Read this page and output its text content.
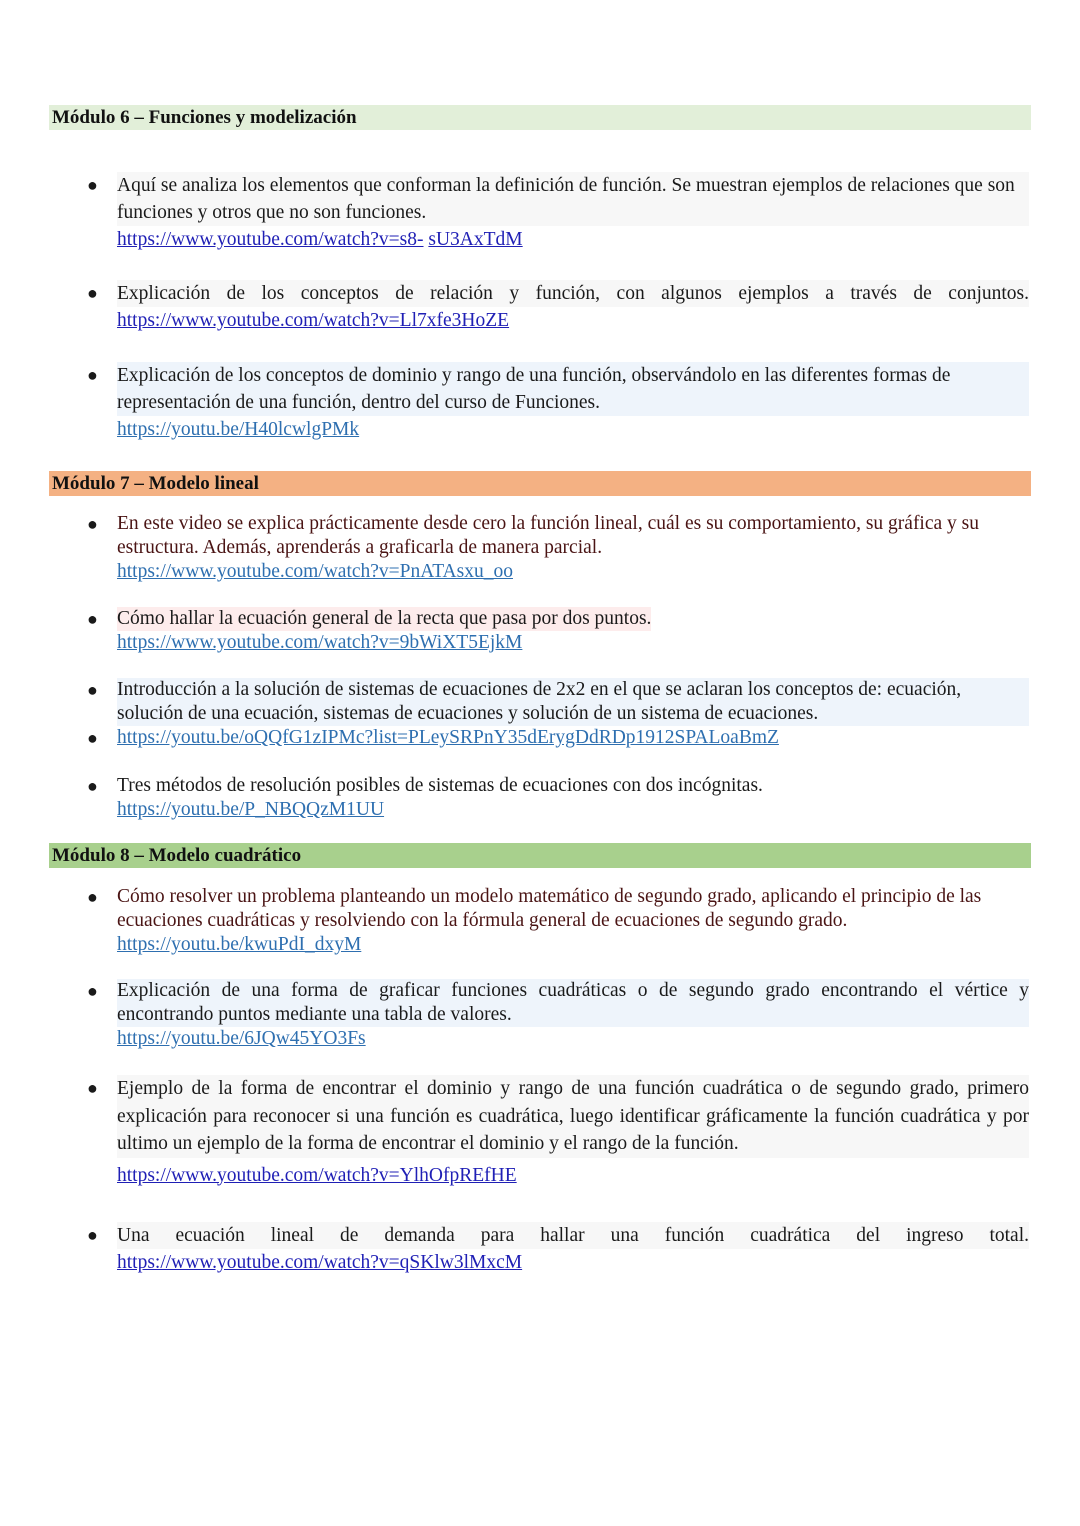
Módulo 6 – Funciones y modelización
● Aquí se analiza los elementos que conforman la definición de función. Se muestran ejemplos de relaciones que son funciones y otros que no son funciones.
https://www.youtube.com/watch?v=s8- sU3AxTdM
● Explicación de los conceptos de relación y función, con algunos ejemplos a través de conjuntos.
https://www.youtube.com/watch?v=Ll7xfe3HoZE
● Explicación de los conceptos de dominio y rango de una función, observándolo en las diferentes formas de representación de una función, dentro del curso de Funciones.
https://youtu.be/H40lcwlgPMk
Módulo 7 – Modelo lineal
● En este video se explica prácticamente desde cero la función lineal, cuál es su comportamiento, su gráfica y su estructura. Además, aprenderás a graficarla de manera parcial.
https://www.youtube.com/watch?v=PnATAsxu_oo
● Cómo hallar la ecuación general de la recta que pasa por dos puntos.
https://www.youtube.com/watch?v=9bWiXT5EjkM
● Introducción a la solución de sistemas de ecuaciones de 2x2 en el que se aclaran los conceptos de: ecuación, solución de una ecuación, sistemas de ecuaciones y solución de un sistema de ecuaciones.
● https://youtu.be/oQQfG1zIPMc?list=PLeySRPnY35dErygDdRDp1912SPALoaBmZ
● Tres métodos de resolución posibles de sistemas de ecuaciones con dos incógnitas.
https://youtu.be/P_NBQQzM1UU
Módulo 8 – Modelo cuadrático
● Cómo resolver un problema planteando un modelo matemático de segundo grado, aplicando el principio de las ecuaciones cuadráticas y resolviendo con la fórmula general de ecuaciones de segundo grado.
https://youtu.be/kwuPdI_dxyM
● Explicación de una forma de graficar funciones cuadráticas o de segundo grado encontrando el vértice y encontrando puntos mediante una tabla de valores.
https://youtu.be/6JQw45YO3Fs
● Ejemplo de la forma de encontrar el dominio y rango de una función cuadrática o de segundo grado, primero explicación para reconocer si una función es cuadrática, luego identificar gráficamente la función cuadrática y por ultimo un ejemplo de la forma de encontrar el dominio y el rango de la función.
https://www.youtube.com/watch?v=YlhOfpREfHE
● Una ecuación lineal de demanda para hallar una función cuadrática del ingreso total.
https://www.youtube.com/watch?v=qSKlw3lMxcM
